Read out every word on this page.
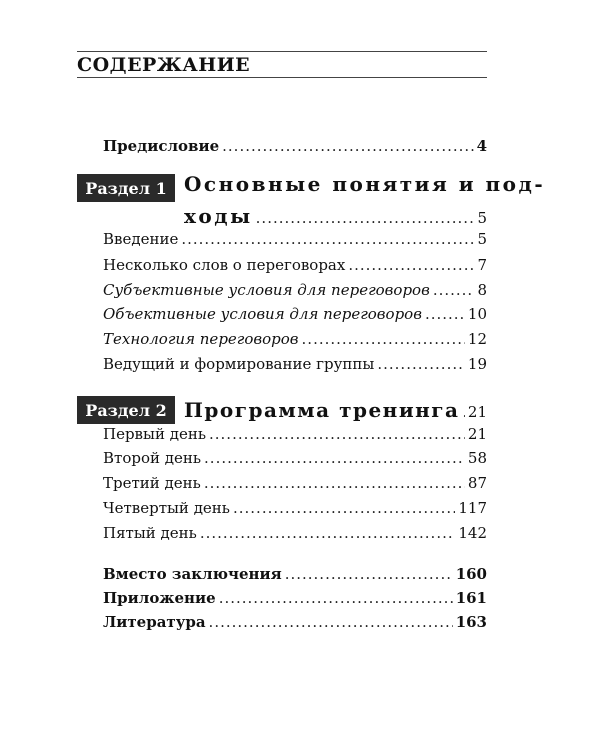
СОДЕРЖАНИЕ
Предисловие .....	4
Раздел 1 Основные понятия и под-
ходы .....	5
Введение .....	5
Несколько слов о переговорах .....	7
Субъективные условия для переговоров .....	8
Объективные условия для переговоров .....	10
Технология переговоров .....	12
Ведущий и формирование группы .....	19
Раздел 2 Программа тренинга ..... 21
Первый день .....	21
Второй день .....	58
Третий день .....	87
Четвертый день .....	117
Пятый день .....	142
Вместо заключения .....	160
Приложение .....	161
Литература .....	163
